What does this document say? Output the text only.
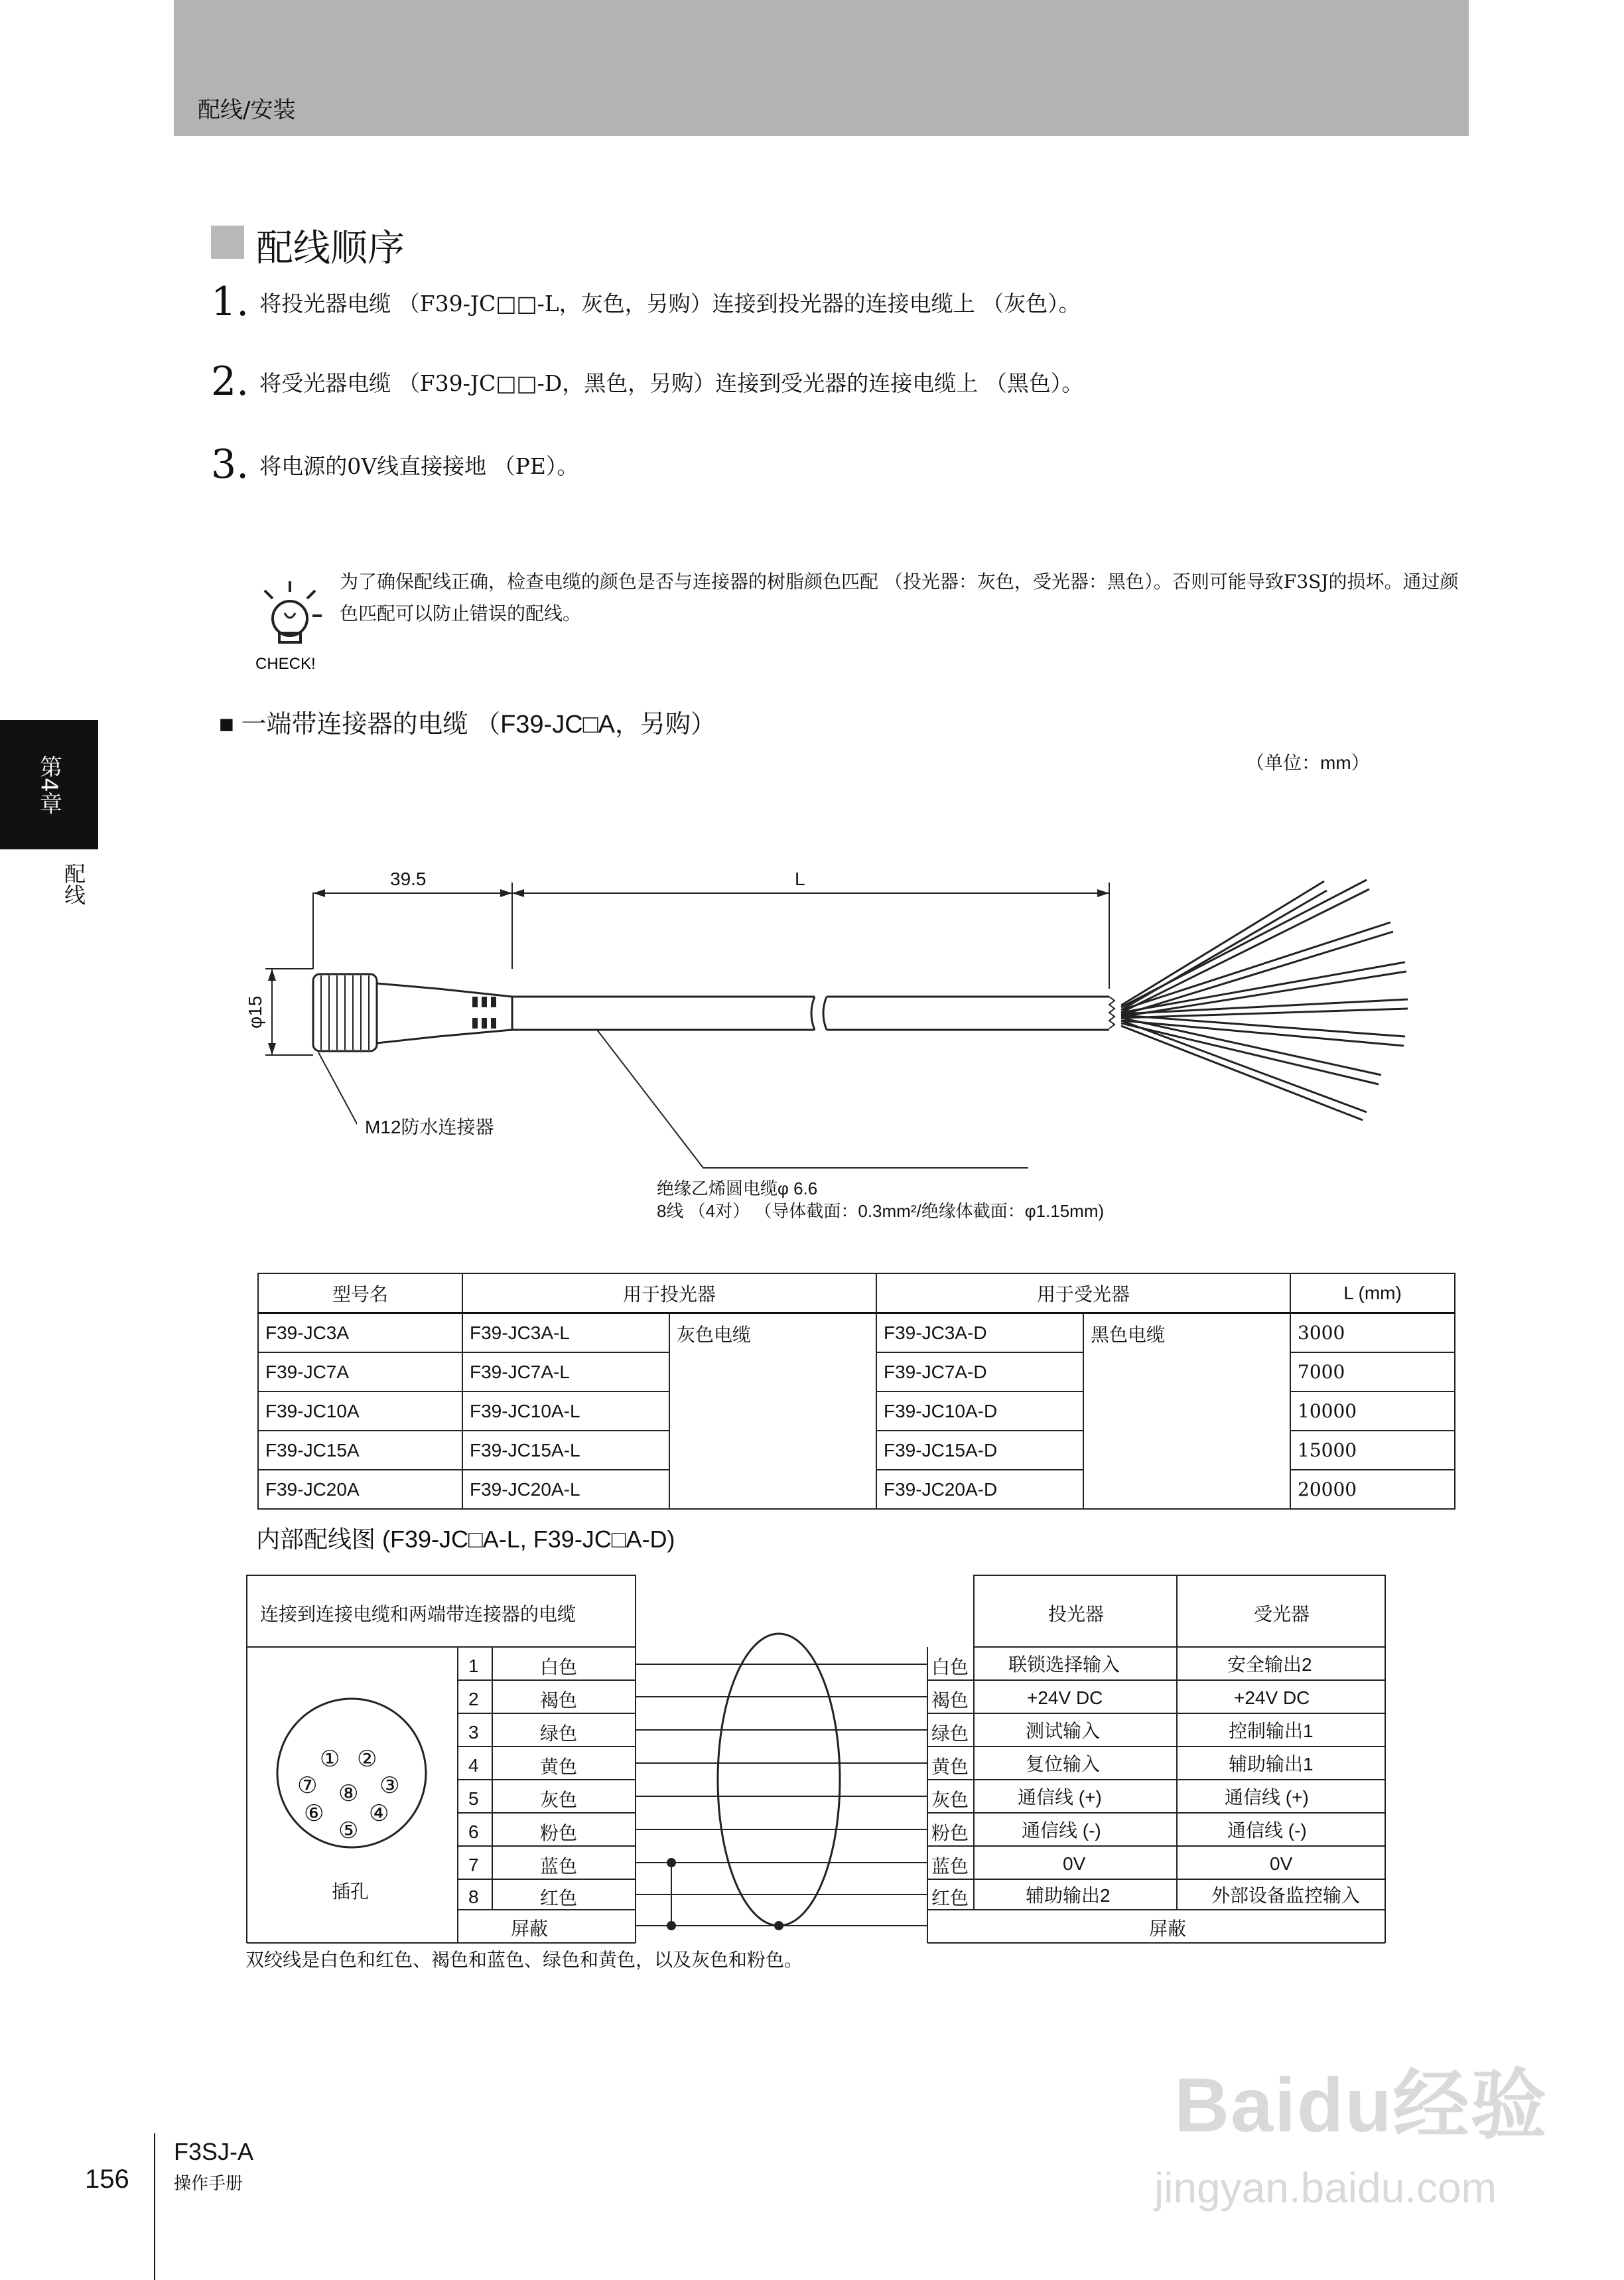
配线/安装
配线顺序
1. 将投光器电缆 （F39-JC□□-L，灰色，另购）连接到投光器的连接电缆上 （灰色）。
2. 将受光器电缆 （F39-JC□□-D，黑色，另购）连接到受光器的连接电缆上 （黑色）。
3. 将电源的0V线直接接地 （PE）。
CHECK!
为了确保配线正确，检查电缆的颜色是否与连接器的树脂颜色匹配 （投光器：灰色，受光器：黑色）。否则可能导致F3SJ的损坏。通过颜色匹配可以防止错误的配线。
第4章
配线
■ 一端带连接器的电缆 （F39-JC□A，另购）
（单位：mm）
39.5	L
φ15
M12防水连接器
绝缘乙烯圆电缆φ 6.6
8线 （4对） （导体截面：0.3mm²/绝缘体截面：φ1.15mm)
型号名	用于投光器		用于受光器		L (mm)
F39-JC3A	F39-JC3A-L	灰色电缆	F39-JC3A-D	黑色电缆	3000
F39-JC7A	F39-JC7A-L		F39-JC7A-D		7000
F39-JC10A	F39-JC10A-L		F39-JC10A-D		10000
F39-JC15A	F39-JC15A-L		F39-JC15A-D		15000
F39-JC20A	F39-JC20A-L		F39-JC20A-D		20000
内部配线图 (F39-JC□A-L, F39-JC□A-D)
连接到连接电缆和两端带连接器的电缆
① ②
③
④
⑤
⑥
⑦ ⑧
插孔
1	白色
2	褐色
3	绿色
4	黄色
5	灰色
6	粉色
7	蓝色
8	红色
屏蔽
投光器	受光器
白色 联锁选择输入	安全输出2
褐色	+24V DC	+24V DC
绿色	测试输入	控制输出1
黄色	复位输入	辅助输出1
灰色	通信线 (+)	通信线 (+)
粉色	通信线 (-)	通信线 (-)
蓝色	0V	0V
红色	辅助输出2	外部设备监控输入
屏蔽
双绞线是白色和红色、褐色和蓝色、绿色和黄色，以及灰色和粉色。
156
F3SJ-A
操作手册
Baidu经验
jingyan.baidu.com
